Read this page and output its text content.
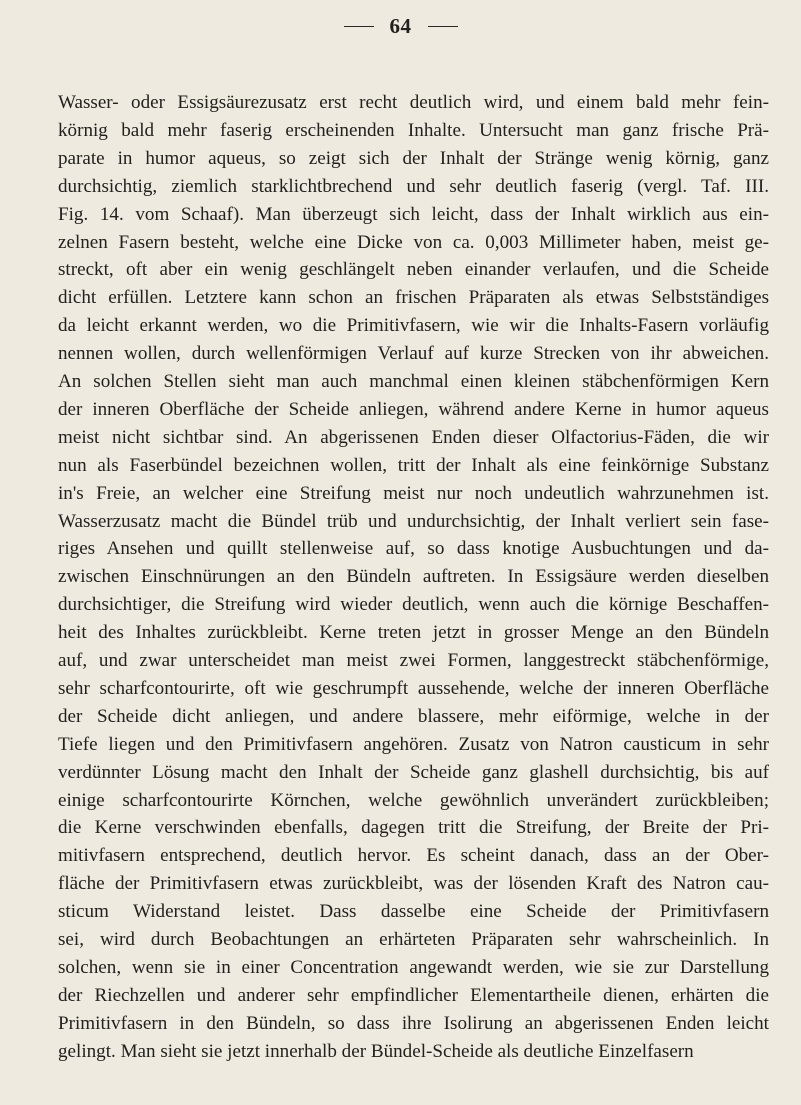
64
Wasser- oder Essigsäurezusatz erst recht deutlich wird, und einem bald mehr fein-
körnig bald mehr faserig erscheinenden Inhalte. Untersucht man ganz frische Prä-
parate in humor aqueus, so zeigt sich der Inhalt der Stränge wenig körnig, ganz
durchsichtig, ziemlich starklichtbrechend und sehr deutlich faserig (vergl. Taf. III.
Fig. 14. vom Schaaf). Man überzeugt sich leicht, dass der Inhalt wirklich aus ein-
zelnen Fasern besteht, welche eine Dicke von ca. 0,003 Millimeter haben, meist ge-
streckt, oft aber ein wenig geschlängelt neben einander verlaufen, und die Scheide
dicht erfüllen. Letztere kann schon an frischen Präparaten als etwas Selbstständiges
da leicht erkannt werden, wo die Primitivfasern, wie wir die Inhalts-Fasern vorläufig
nennen wollen, durch wellenförmigen Verlauf auf kurze Strecken von ihr abweichen.
An solchen Stellen sieht man auch manchmal einen kleinen stäbchenförmigen Kern
der inneren Oberfläche der Scheide anliegen, während andere Kerne in humor aqueus
meist nicht sichtbar sind. An abgerissenen Enden dieser Olfactorius-Fäden, die wir
nun als Faserbündel bezeichnen wollen, tritt der Inhalt als eine feinkörnige Substanz
in's Freie, an welcher eine Streifung meist nur noch undeutlich wahrzunehmen ist.
Wasserzusatz macht die Bündel trüb und undurchsichtig, der Inhalt verliert sein fase-
riges Ansehen und quillt stellenweise auf, so dass knotige Ausbuchtungen und da-
zwischen Einschnürungen an den Bündeln auftreten. In Essigsäure werden dieselben
durchsichtiger, die Streifung wird wieder deutlich, wenn auch die körnige Beschaffen-
heit des Inhaltes zurückbleibt. Kerne treten jetzt in grosser Menge an den Bündeln
auf, und zwar unterscheidet man meist zwei Formen, langgestreckt stäbchenförmige,
sehr scharfcontourirte, oft wie geschrumpft aussehende, welche der inneren Oberfläche
der Scheide dicht anliegen, und andere blassere, mehr eiförmige, welche in der
Tiefe liegen und den Primitivfasern angehören. Zusatz von Natron causticum in sehr
verdünnter Lösung macht den Inhalt der Scheide ganz glashell durchsichtig, bis auf
einige scharfcontourirte Körnchen, welche gewöhnlich unverändert zurückbleiben;
die Kerne verschwinden ebenfalls, dagegen tritt die Streifung, der Breite der Pri-
mitivfasern entsprechend, deutlich hervor. Es scheint danach, dass an der Ober-
fläche der Primitivfasern etwas zurückbleibt, was der lösenden Kraft des Natron cau-
sticum Widerstand leistet. Dass dasselbe eine Scheide der Primitivfasern
sei, wird durch Beobachtungen an erhärteten Präparaten sehr wahrscheinlich. In
solchen, wenn sie in einer Concentration angewandt werden, wie sie zur Darstellung
der Riechzellen und anderer sehr empfindlicher Elementartheile dienen, erhärten die
Primitivfasern in den Bündeln, so dass ihre Isolirung an abgerissenen Enden leicht
gelingt. Man sieht sie jetzt innerhalb der Bündel-Scheide als deutliche Einzelfasern
